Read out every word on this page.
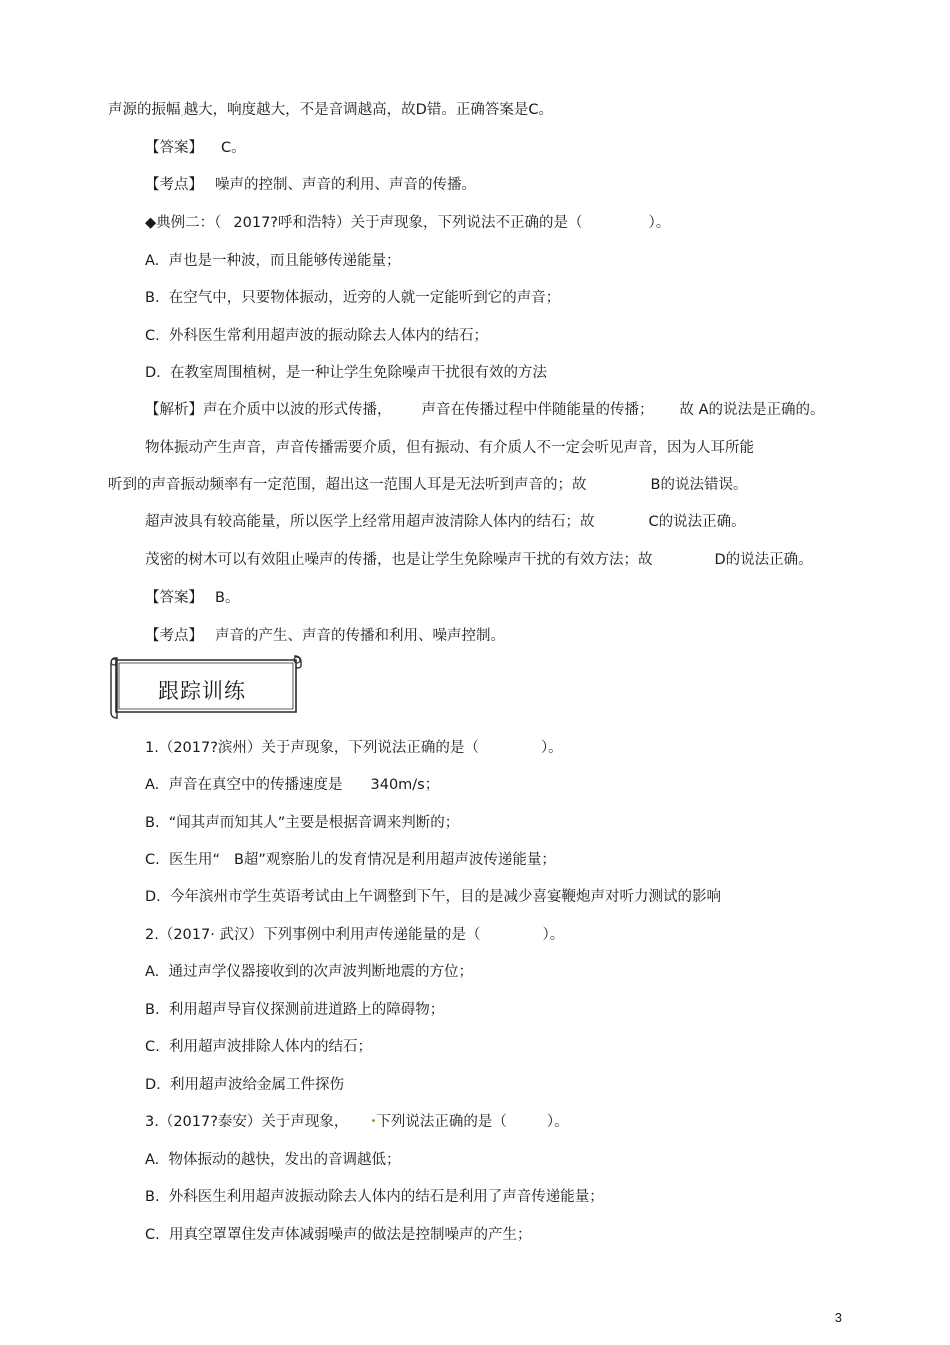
声源的振幅.越大，响度越大，不是音调越高，故D错。正确答案是C。
【答案】 C。
【考点】 噪声的控制、声音的利用、声音的传播。
◆典例二：（ 2017?呼和浩特）关于声现象，下列说法不正确的是（	）。
A.  声也是一种波，而且能够传递能量；
B.  在空气中，只要物体振动，近旁的人就一定能听到它的声音；
C.  外科医生常利用超声波的振动除去人体内的结石；
D.  在教室周围植树，是一种让学生免除噪声干扰很有效的方法
【解析】声在介质中以波的形式传播， 声音在传播过程中伴随能量的传播； 故 A的说法是正确的。
物体振动产生声音，声音传播需要介质，但有振动、有介质人不一定会听见声音，因为人耳所能
听到的声音振动频率有一定范围，超出这一范围人耳是无法听到声音的；故	B的说法错误。
超声波具有较高能量，所以医学上经常用超声波清除人体内的结石；故	C的说法正确。
茂密的树木可以有效阻止噪声的传播，也是让学生免除噪声干扰的有效方法；故	D的说法正确。
【答案】 B。
【考点】 声音的产生、声音的传播和利用、噪声控制。
跟踪训练
1.（2017?滨州）关于声现象，下列说法正确的是（	）。
A.  声音在真空中的传播速度是 340m/s；
B.  “闻其声而知其人”主要是根据音调来判断的；
C.  医生用“ B超”观察胎儿的发育情况是利用超声波传递能量；
D.  今年滨州市学生英语考试由上午调整到下午，目的是减少喜宴鞭炮声对听力测试的影响
2.（2017· 武汉）下列事例中利用声传递能量的是（	）。
A.  通过声学仪器接收到的次声波判断地震的方位；
B.  利用超声导盲仪探测前进道路上的障碍物；
C.  利用超声波排除人体内的结石；
D.  利用超声波给金属工件探伤
3.（2017?泰安）关于声现象， •下列说法正确的是（	）。
A.  物体振动的越快，发出的音调越低；
B.  外科医生利用超声波振动除去人体内的结石是利用了声音传递能量；
C.  用真空罩罩住发声体减弱噪声的做法是控制噪声的产生；
3
